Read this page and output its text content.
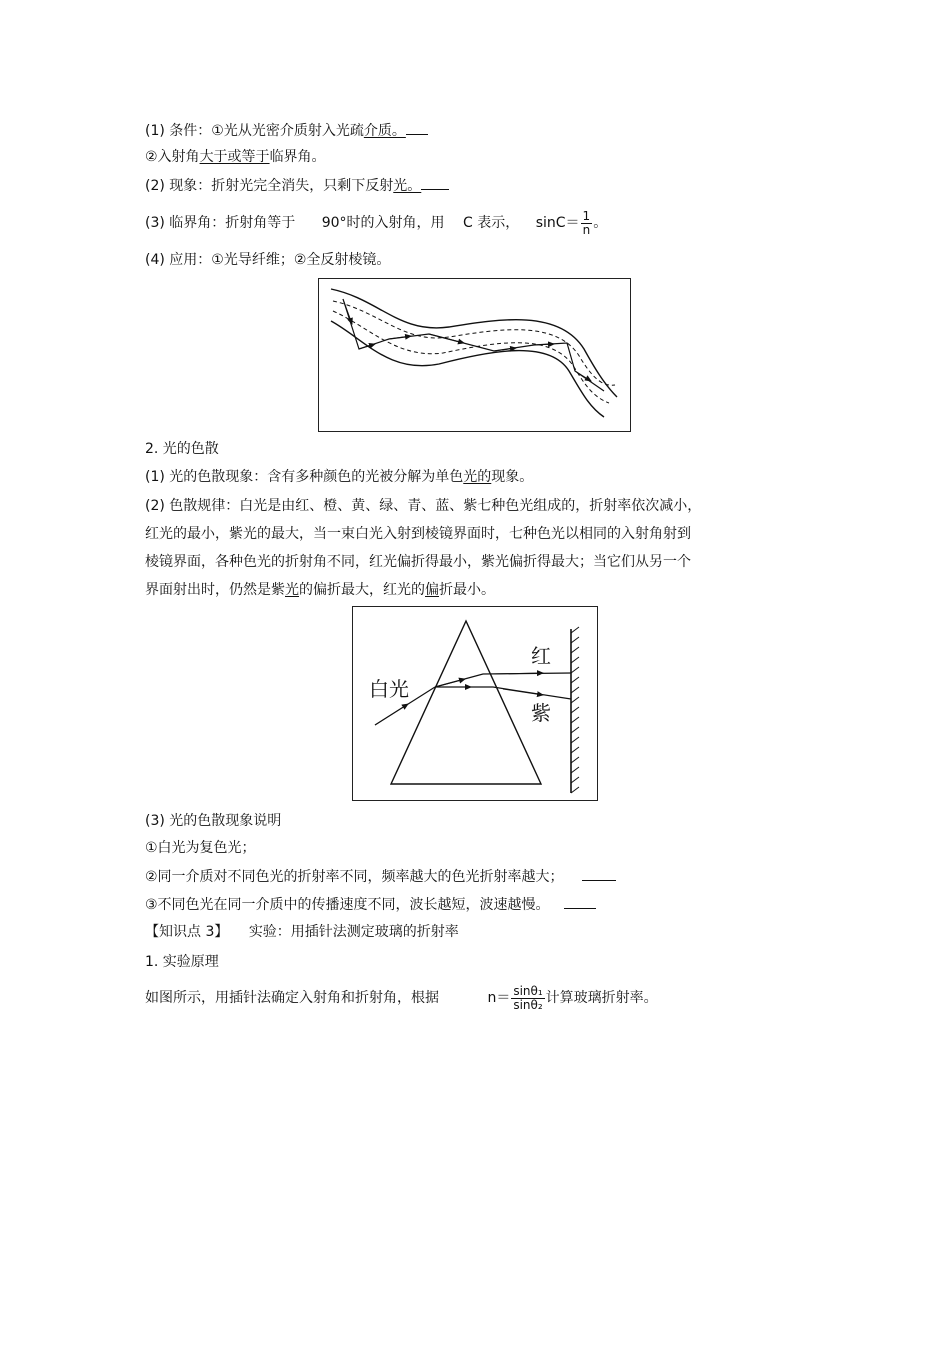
(1) 条件：①光从光密介质射入光疏介质。
②入射角大于或等于临界角。
(2) 现象：折射光完全消失，只剩下反射光。
(3) 临界角：折射角等于 90°时的入射角，用 C 表示， $\sin C= \frac{1}{n}$ 。
(4) 应用：①光导纤维；②全反射棱镜。
2. 光的色散
(1) 光的色散现象：含有多种颜色的光被分解为单色光的现象。
(2) 色散规律：白光是由红、橙、黄、绿、青、蓝、紫七种色光组成的，折射率依次减小，
红光的最小，紫光的最大，当一束白光入射到棱镜界面时，七种色光以相同的入射角射到
棱镜界面，各种色光的折射角不同，红光偏折得最小，紫光偏折得最大；当它们从另一个
界面射出时，仍然是紫光的偏折最大，红光的偏折最小。
白光
红
紫
(3) 光的色散现象说明
①白光为复色光；
②同一介质对不同色光的折射率不同，频率越大的色光折射率越大；
③不同色光在同一介质中的传播速度不同，波长越短，波速越慢。
【知识点 3】 实验：用插针法测定玻璃的折射率
1. 实验原理
如图所示，用插针法确定入射角和折射角，根据	$n= \frac{\text{sinθ₁}}{\text{sinθ₂}}$ 计算玻璃折射率。
